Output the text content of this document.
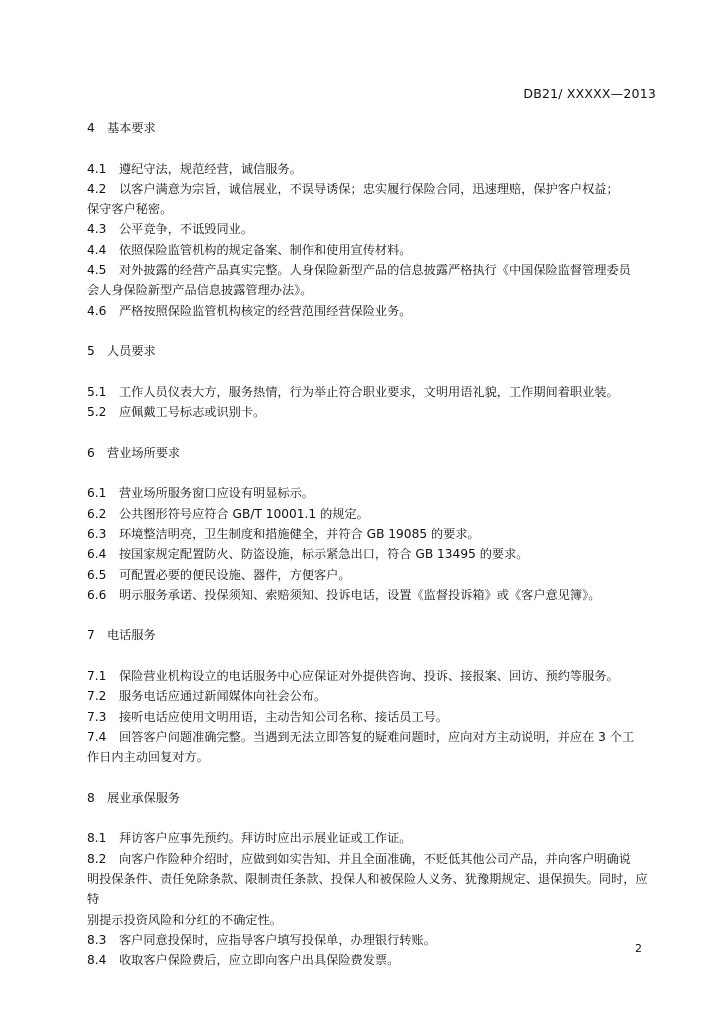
DB21/ XXXXX—2013

4	基本要求

4.1 遵纪守法，规范经营，诚信服务。

4.2 以客户满意为宗旨，诚信展业，不误导诱保；忠实履行保险合同，迅速理赔，保护客户权益；

保守客户秘密。

4.3 公平竞争，不诋毁同业。

4.4 依照保险监管机构的规定备案、制作和使用宣传材料。

4.5 对外披露的经营产品真实完整。人身保险新型产品的信息披露严格执行《中国保险监督管理委员

会人身保险新型产品信息披露管理办法》。

4.6 严格按照保险监管机构核定的经营范围经营保险业务。

5	人员要求

5.1 工作人员仪表大方，服务热情，行为举止符合职业要求，文明用语礼貌，工作期间着职业装。

5.2 应佩戴工号标志或识别卡。

6	营业场所要求

6.1 营业场所服务窗口应设有明显标示。

6.2 公共图形符号应符合 GB/T 10001.1 的规定。

6.3 环境整洁明亮，卫生制度和措施健全，并符合 GB 19085 的要求。

6.4 按国家规定配置防火、防盗设施，标示紧急出口，符合 GB 13495 的要求。

6.5 可配置必要的便民设施、器件，方便客户。

6.6 明示服务承诺、投保须知、索赔须知、投诉电话，设置《监督投诉箱》或《客户意见簿》。

7	电话服务

7.1 保险营业机构设立的电话服务中心应保证对外提供咨询、投诉、接报案、回访、预约等服务。

7.2 服务电话应通过新闻媒体向社会公布。

7.3 接听电话应使用文明用语，主动告知公司名称、接话员工号。

7.4 回答客户问题准确完整。当遇到无法立即答复的疑难问题时，应向对方主动说明，并应在 3 个工

作日内主动回复对方。

8	展业承保服务

8.1 拜访客户应事先预约。拜访时应出示展业证或工作证。

8.2 向客户作险种介绍时，应做到如实告知、并且全面准确，不贬低其他公司产品，并向客户明确说

明投保条件、责任免除条款、限制责任条款、投保人和被保险人义务、犹豫期规定、退保损失。同时，应特

别提示投资风险和分红的不确定性。

8.3 客户同意投保时，应指导客户填写投保单，办理银行转账。

8.4 收取客户保险费后，应立即向客户出具保险费发票。

2
